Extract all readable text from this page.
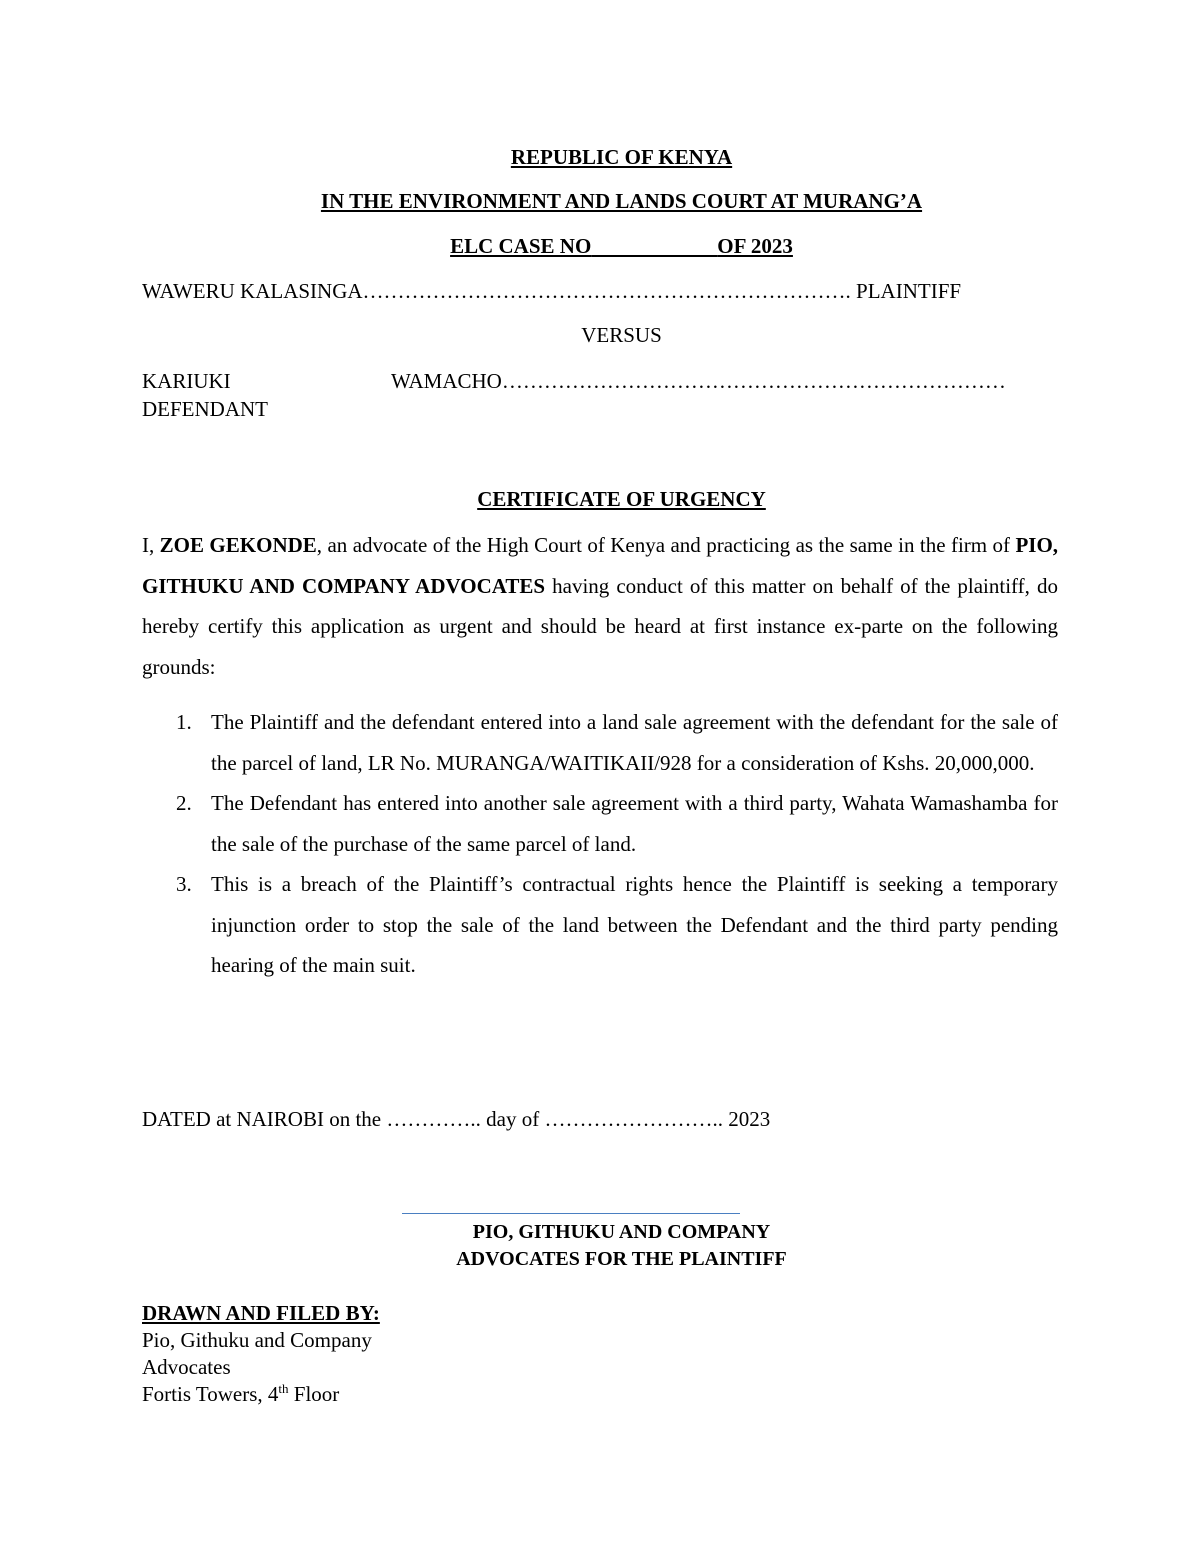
REPUBLIC OF KENYA
IN THE ENVIRONMENT AND LANDS COURT AT MURANG’A
ELC CASE NO	OF 2023
WAWERU KALASINGA……………………………………………………………. PLAINTIFF
VERSUS
KARIUKI	WAMACHO………………………………………………………………
DEFENDANT
CERTIFICATE OF URGENCY
I, ZOE GEKONDE, an advocate of the High Court of Kenya and practicing as the same in the firm of PIO, GITHUKU AND COMPANY ADVOCATES having conduct of this matter on behalf of the plaintiff, do hereby certify this application as urgent and should be heard at first instance ex-parte on the following grounds:
1. The Plaintiff and the defendant entered into a land sale agreement with the defendant for the sale of the parcel of land, LR No. MURANGA/WAITIKAII/928 for a consideration of Kshs. 20,000,000.
2. The Defendant has entered into another sale agreement with a third party, Wahata Wamashamba for the sale of the purchase of the same parcel of land.
3. This is a breach of the Plaintiff’s contractual rights hence the Plaintiff is seeking a temporary injunction order to stop the sale of the land between the Defendant and the third party pending hearing of the main suit.
DATED at NAIROBI on the ………….. day of …………………….. 2023
PIO, GITHUKU AND COMPANY
ADVOCATES FOR THE PLAINTIFF
DRAWN AND FILED BY:
Pio, Githuku and Company
Advocates
Fortis Towers, 4th Floor
